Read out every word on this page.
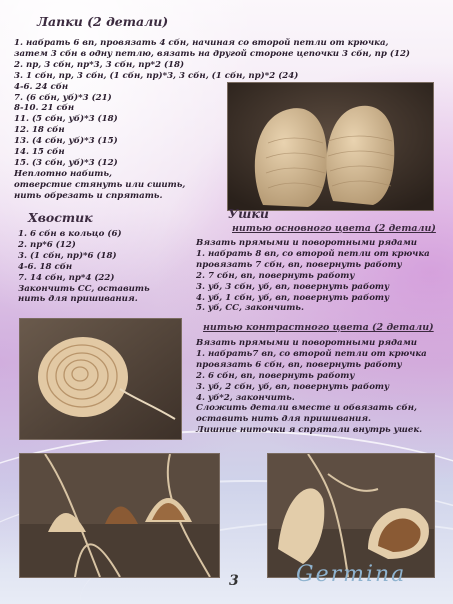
Лапки (2 детали)

1. набрать 6 вп, провязать 4 сбн, начиная со второй петли от крючка,

затем 3 сбн в одну петлю, вязать на другой стороне цепочки 3 сбн, пр (12)

2. пр, 3 сбн, пр*3, 3 сбн, пр*2 (18)

3. 1 сбн, пр, 3 сбн, (1 сбн, пр)*3, 3 сбн, (1 сбн, пр)*2 (24)

4-6. 24 сбн

7. (6 сбн, уб)*3 (21)

8-10. 21 сбн

11. (5 сбн, уб)*3 (18)

12. 18 сбн

13. (4 сбн, уб)*3 (15)

14. 15 сбн

15. (3 сбн, уб)*3 (12)

Неплотно набить,

отверстие стянуть или сшить,

нить обрезать и спрятать.

Хвостик

1. 6 сбн в кольцо (6)

2. пр*6 (12)

3. (1 сбн, пр)*6 (18)

4-6. 18 сбн

7. 14 сбн, пр*4 (22)

Закончить СС, оставить

нить для пришивания.

Ушки

нитью основного цвета (2 детали)

Вязать прямыми и поворотными рядами

1. набрать 8 вп, со второй петли от крючка

провязать 7 сбн, вп, повернуть работу

2. 7 сбн, вп, повернуть работу

3. уб, 3 сбн, уб, вп, повернуть работу

4. уб, 1 сбн, уб, вп, повернуть работу

5. уб, СС, закончить.

нитью контрастного цвета (2 детали)

Вязать прямыми и поворотными рядами

1. набрать7 вп, со второй петли от крючка

провязать 6 сбн, вп, повернуть работу

2. 6 сбн, вп, повернуть работу

3. уб, 2 сбн, уб, вп, повернуть работу

4. уб*2, закончить.

Сложить детали вместе и обвязать сбн,

оставить нить для пришивания.

Лишние ниточки я спрятали внутрь ушек.

3	Germina
